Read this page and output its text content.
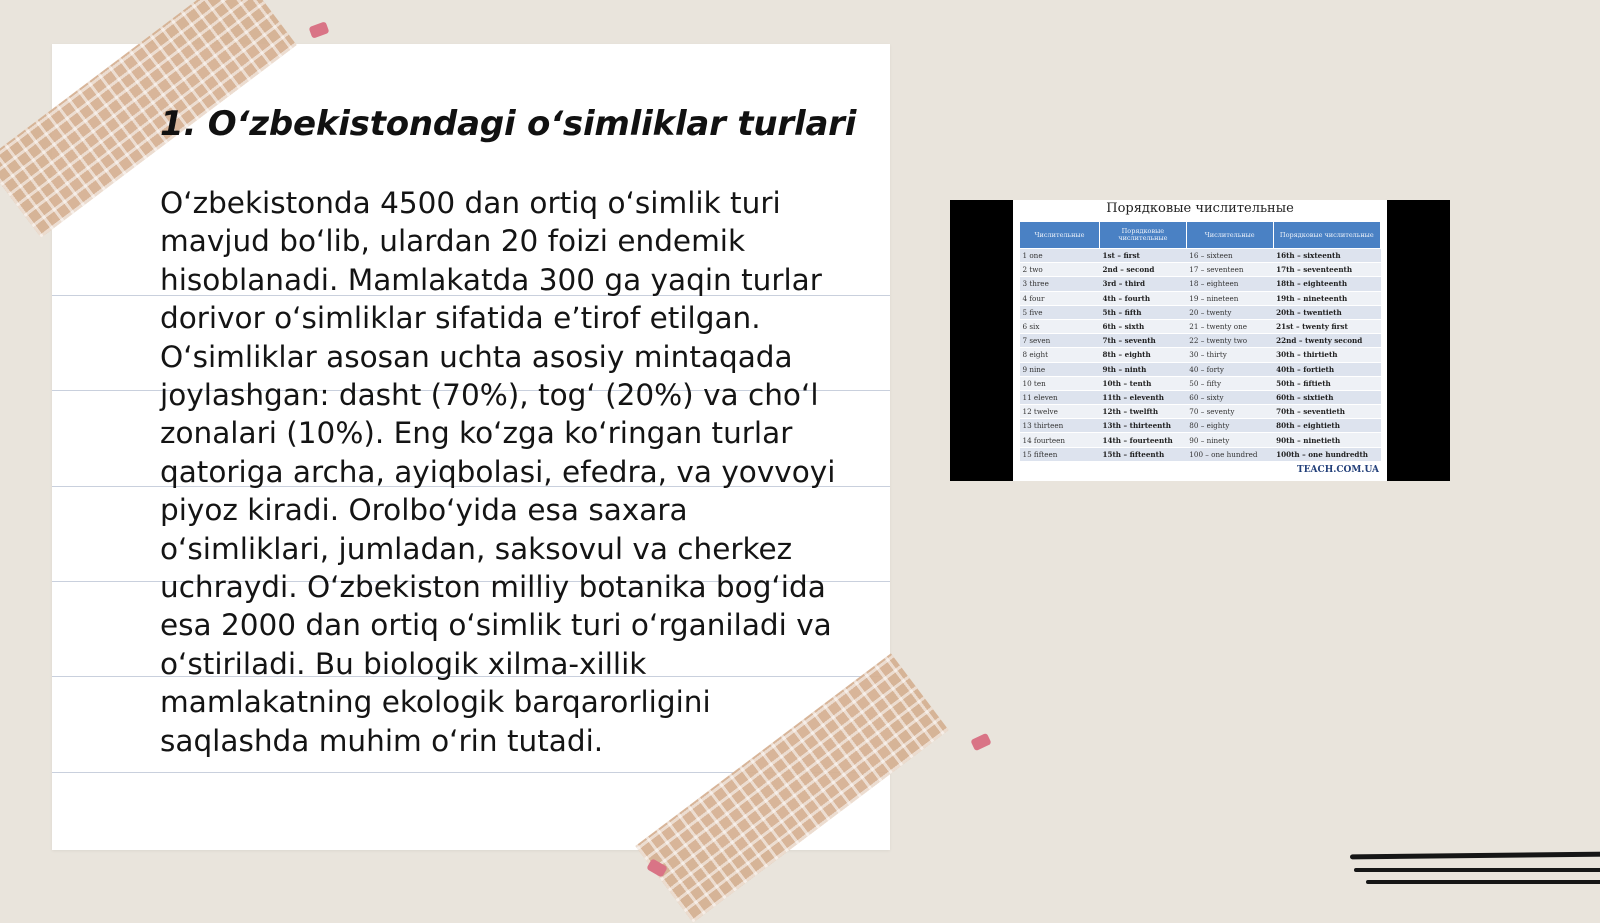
1. O‘zbekistondagi o‘simliklar turlari

O‘zbekistonda 4500 dan ortiq o‘simlik turi mavjud bo‘lib, ulardan 20 foizi endemik hisoblanadi. Mamlakatda 300 ga yaqin turlar dorivor o‘simliklar sifatida e’tirof etilgan. O‘simliklar asosan uchta asosiy mintaqada joylashgan: dasht (70%), tog‘ (20%) va cho‘l zonalari (10%). Eng ko‘zga ko‘ringan turlar qatoriga archa, ayiqbolasi, efedra, va yovvoyi piyoz kiradi. Orolbo‘yida esa saxara o‘simliklari, jumladan, saksovul va cherkez uchraydi. O‘zbekiston milliy botanika bog‘ida esa 2000 dan ortiq o‘simlik turi o‘rganiladi va o‘stiriladi. Bu biologik xilma-xillik mamlakatning ekologik barqarorligini saqlashda muhim o‘rin tutadi.

Порядковые числительные
Числительные	Порядковые числительные	Числительные	Порядковые числительные
1 one	1st – first	16 – sixteen	16th – sixteenth
2 two	2nd – second	17 – seventeen	17th – seventeenth
3 three	3rd – third	18 – eighteen	18th – eighteenth
4 four	4th – fourth	19 – nineteen	19th – nineteenth
5 five	5th – fifth	20 – twenty	20th – twentieth
6 six	6th – sixth	21 – twenty one	21st – twenty first
7 seven	7th – seventh	22 – twenty two	22nd – twenty second
8 eight	8th – eighth	30 – thirty	30th – thirtieth
9 nine	9th – ninth	40 – forty	40th – fortieth
10 ten	10th – tenth	50 – fifty	50th – fiftieth
11 eleven	11th – eleventh	60 – sixty	60th – sixtieth
12 twelve	12th – twelfth	70 – seventy	70th – seventieth
13 thirteen	13th – thirteenth	80 – eighty	80th – eightieth
14 fourteen	14th – fourteenth	90 – ninety	90th – ninetieth
15 fifteen	15th – fifteenth	100 – one hundred	100th – one hundredth
TEACH.COM.UA
